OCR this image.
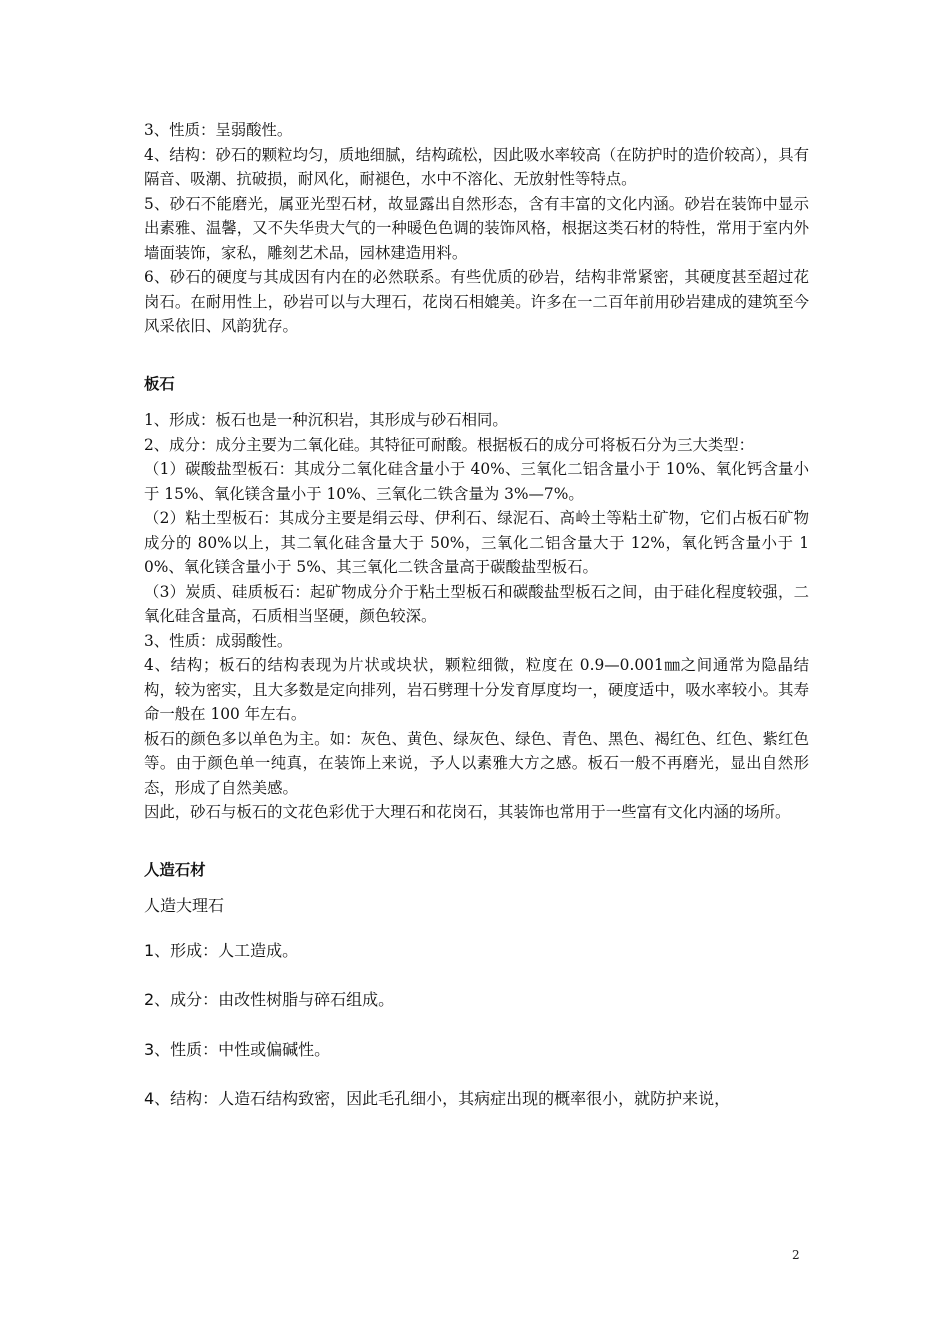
3、性质：呈弱酸性。

4、结构：砂石的颗粒均匀，质地细腻，结构疏松，因此吸水率较高（在防护时的造价较高），具有隔音、吸潮、抗破损，耐风化，耐褪色，水中不溶化、无放射性等特点。

5、砂石不能磨光，属亚光型石材，故显露出自然形态，含有丰富的文化内涵。砂岩在装饰中显示出素雅、温馨，又不失华贵大气的一种暖色色调的装饰风格，根据这类石材的特性，常用于室内外墙面装饰，家私，雕刻艺术品，园林建造用料。

6、砂石的硬度与其成因有内在的必然联系。有些优质的砂岩，结构非常紧密，其硬度甚至超过花岗石。在耐用性上，砂岩可以与大理石，花岗石相媲美。许多在一二百年前用砂岩建成的建筑至今风采依旧、风韵犹存。

板石

1、形成：板石也是一种沉积岩，其形成与砂石相同。

2、成分：成分主要为二氧化硅。其特征可耐酸。根据板石的成分可将板石分为三大类型：

（1）碳酸盐型板石：其成分二氧化硅含量小于 40%、三氧化二铝含量小于 10%、氧化钙含量小于 15%、氧化镁含量小于 10%、三氧化二铁含量为 3%—7%。

（2）粘土型板石：其成分主要是绢云母、伊利石、绿泥石、高岭土等粘土矿物，它们占板石矿物成分的 80%以上，其二氧化硅含量大于 50%，三氧化二铝含量大于 12%，氧化钙含量小于 10%、氧化镁含量小于 5%、其三氧化二铁含量高于碳酸盐型板石。

（3）炭质、硅质板石：起矿物成分介于粘土型板石和碳酸盐型板石之间，由于硅化程度较强，二氧化硅含量高，石质相当坚硬，颜色较深。

3、性质：成弱酸性。

4、结构；板石的结构表现为片状或块状，颗粒细微，粒度在 0.9—0.001㎜之间通常为隐晶结构，较为密实，且大多数是定向排列，岩石劈理十分发育厚度均一，硬度适中，吸水率较小。其寿命一般在 100 年左右。

板石的颜色多以单色为主。如：灰色、黄色、绿灰色、绿色、青色、黑色、褐红色、红色、紫红色等。由于颜色单一纯真，在装饰上来说，予人以素雅大方之感。板石一般不再磨光，显出自然形态，形成了自然美感。

因此，砂石与板石的文花色彩优于大理石和花岗石，其装饰也常用于一些富有文化内涵的场所。

人造石材

人造大理石

1、形成：人工造成。

2、成分：由改性树脂与碎石组成。

3、性质：中性或偏碱性。

4、结构：人造石结构致密，因此毛孔细小，其病症出现的概率很小，就防护来说，

2
